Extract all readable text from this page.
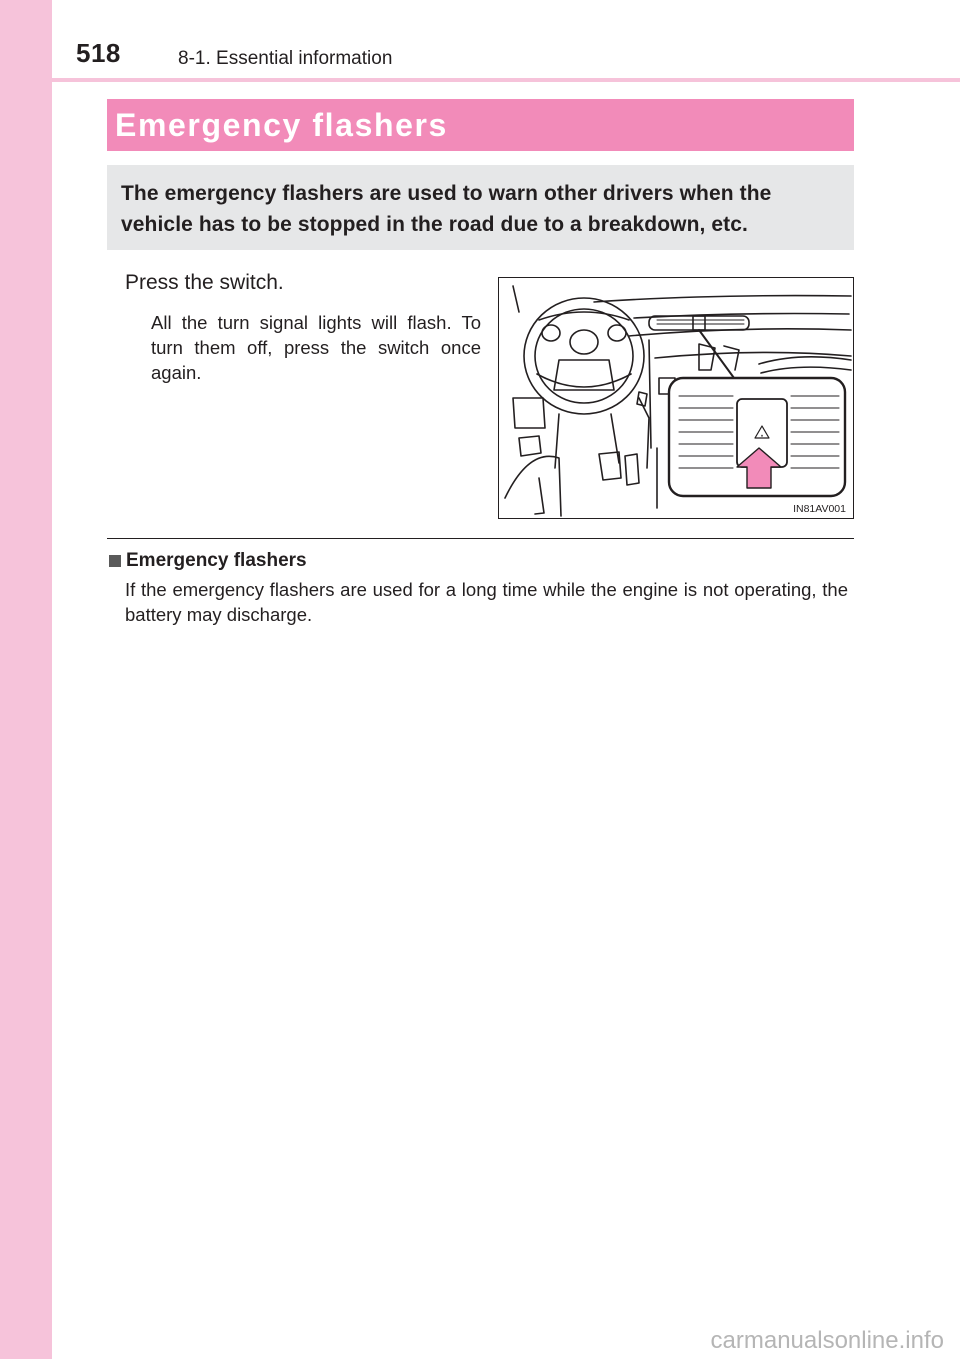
518	8-1. Essential information
Emergency flashers
The emergency flashers are used to warn other drivers when the vehicle has to be stopped in the road due to a breakdown, etc.
Press the switch.
All the turn signal lights will flash. To turn them off, press the switch once again.
IN81AV001
Emergency flashers
If the emergency flashers are used for a long time while the engine is not operating, the battery may discharge.
carmanualsonline.info
